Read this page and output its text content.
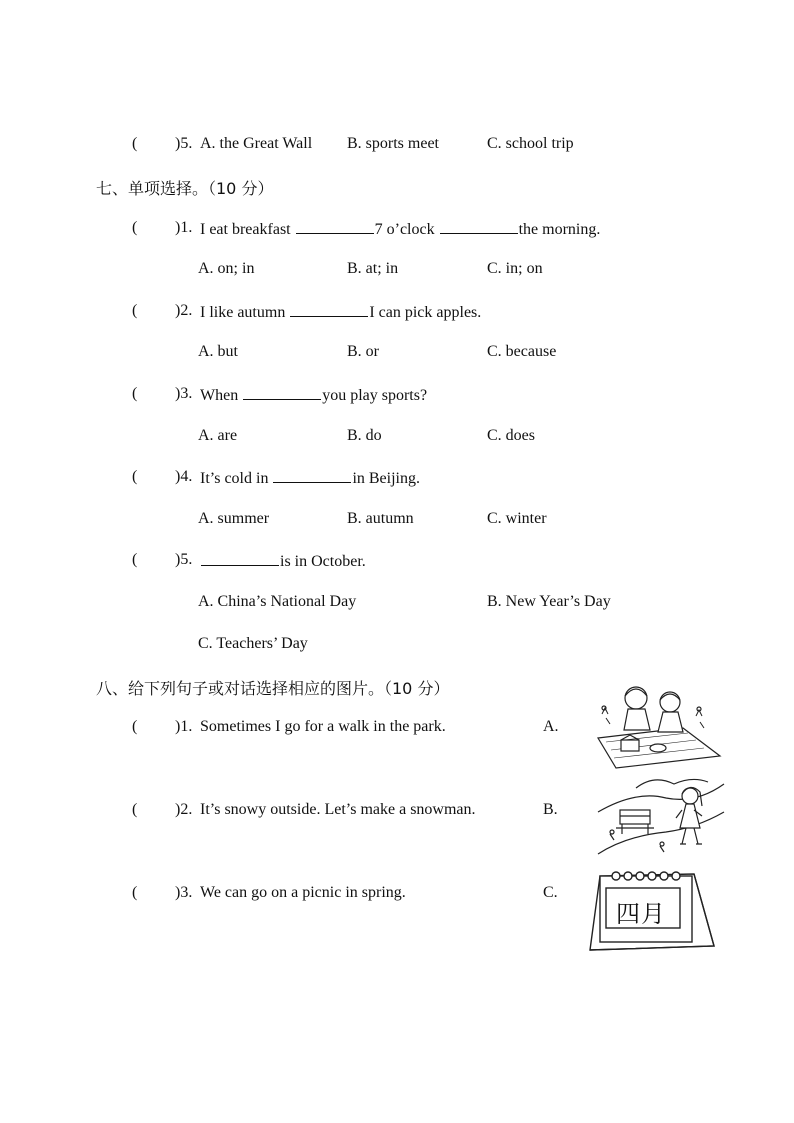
( )5. A. the Great Wall B. sports meet	C. school trip
七、单项选择。（10 分）
( )1. I eat breakfast	7 o’clock	the morning.
A. on; in	B. at; in	C. in; on
( )2. I like autumn	I can pick apples.
A. but	B. or	C. because
( )3. When	you play sports?
A. are	B. do	C. does
( )4. It’s cold in	in Beijing.
A. summer	B. autumn	C. winter
( )5.	is in October.
A. China’s National Day	B. New Year’s Day
C. Teachers’ Day
八、给下列句子或对话选择相应的图片。（10 分）
( )1. Sometimes I go for a walk in the park.	A.
( )2. It’s snowy outside. Let’s make a snowman.	B.
( )3. We can go on a picnic in spring.	C.
四月
